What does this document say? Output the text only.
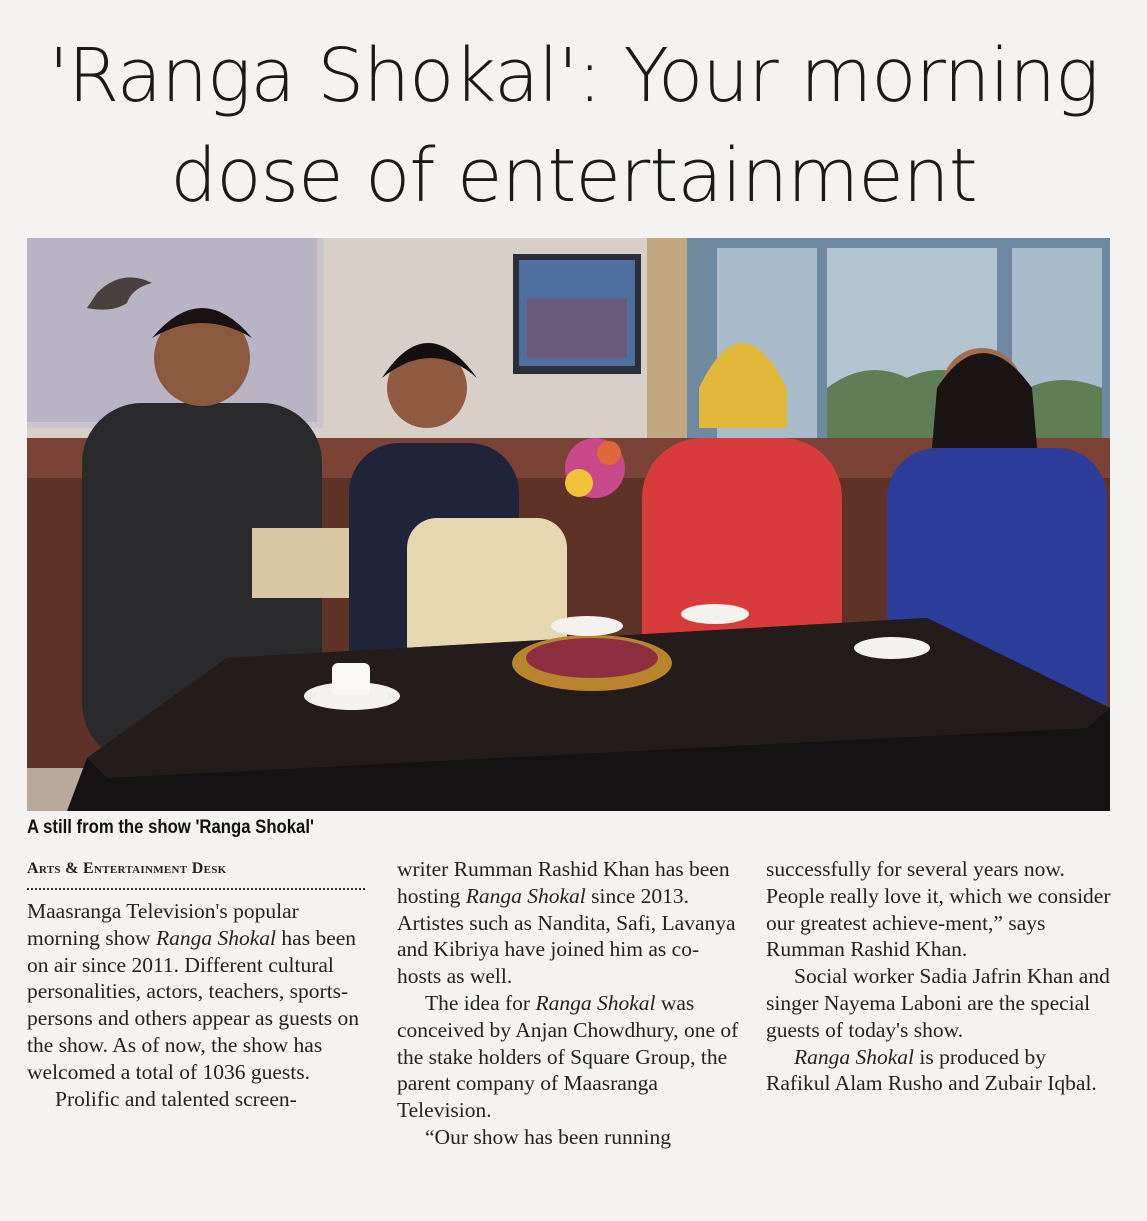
'Ranga Shokal': Your morning
dose of entertainment
A still from the show 'Ranga Shokal'
Arts & Entertainment Desk

Maasranga Television's popular morning show Ranga Shokal has been on air since 2011. Different cultural personalities, actors, teachers, sports-persons and others appear as guests on the show. As of now, the show has welcomed a total of 1036 guests.

Prolific and talented screen-

writer Rumman Rashid Khan has been hosting Ranga Shokal since 2013. Artistes such as Nandita, Safi, Lavanya and Kibriya have joined him as co-hosts as well.

The idea for Ranga Shokal was conceived by Anjan Chowdhury, one of the stake holders of Square Group, the parent company of Maasranga Television.

“Our show has been running

successfully for several years now. People really love it, which we consider our greatest achieve-ment,” says Rumman Rashid Khan.

Social worker Sadia Jafrin Khan and singer Nayema Laboni are the special guests of today's show.

Ranga Shokal is produced by Rafikul Alam Rusho and Zubair Iqbal.
